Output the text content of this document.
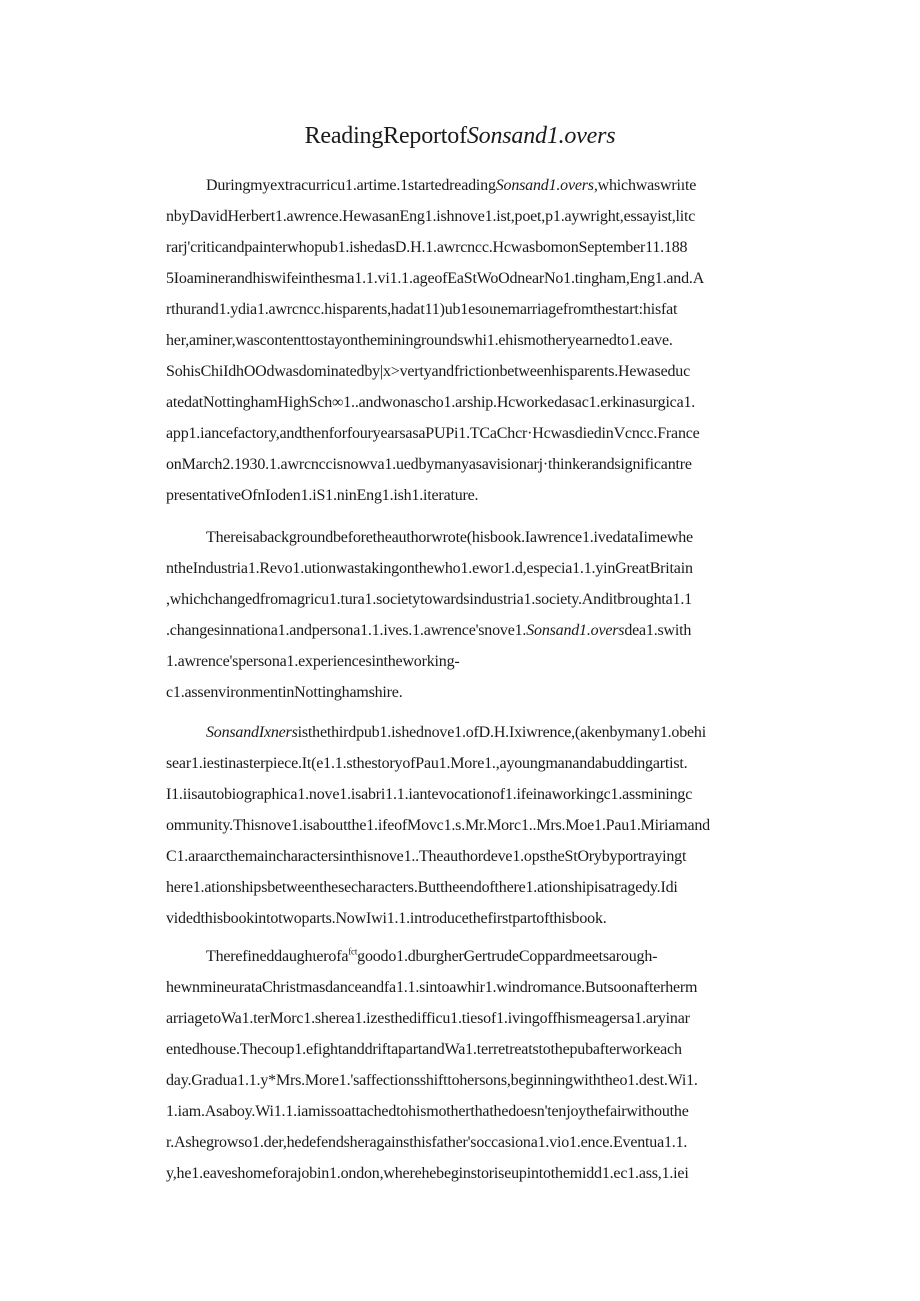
ReadingReportofSonsand1.overs
Duringmyextracurricu1.artime.1startedreadingSonsand1.overs,whichwaswriıte
nbyDavidHerbert1.awrence.HewasanEng1.ishnove1.ist,poet,p1.aywright,essayist,litc
rarj'criticandpainterwhopub1.ishedasD.H.1.awrcncc.HcwasbomonSeptember11.188
5Ioaminerandhiswifeinthesma1.1.vi1.1.ageofEaStWoOdnearNo1.tingham,Eng1.and.A
rthurand1.ydia1.awrcncc.hisparents,hadat11)ub1esoιnemarriagefromthestart:hisfat
her,aminer,wascontenttostayontheminingroundswhi1.ehismotheryearnedto1.eave.
SohisChiIdhOOdwasdominatedby|x>vertyandfrictionbetweenhisparents.Hewaseduc
atedatNottinghamHighSch∞1..andwonascho1.arship.Hcworkedasac1.erkinasurgica1.
app1.iancefactory,andthenforfouryearsasaPUPi1.TCaChcr·HcwasdiedinVcncc.France
onMarch2.1930.1.awrcnccisnowva1.uedbymanyasavisionarj·thinkerandsignificantre
presentativeOfnIoden1.iS1.ninEng1.ish1.iterature.
Thereisabackgroundbeforetheauthorwrote(hisbook.Iawrence1.ivedataIimewhe
ntheIndustria1.Revo1.utionwastakingonthewho1.ewor1.d,especia1.1.yinGreatBritain
,whichchangedfromagricu1.tura1.societytowardsindustria1.society.Anditbroughta1.1
.changesinnationa1.andpersona1.1.ives.1.awrence'snove1.Sonsand1.oversdea1.swith
1.awrence'spersona1.experiencesintheworking-
c1.assenvironmentinNottinghamshire.
SonsandIxnersisthethirdpub1.ishednove1.ofD.H.Ixiwrence,(akenbymany1.obehi
sear1.iestinasterpiece.It(e1.1.sthestoryofPau1.More1.,ayoungmanandabuddingartist.
I1.iisautobiographica1.nove1.isabri1.1.iantevocationof1.ifeinaworkingc1.assminingc
ommunity.Thisnove1.isaboutthe1.ifeofMovc1.s.Mr.Morc1..Mrs.Moe1.Pau1.Miriamand
C1.araarcthemaincharactersinthisnove1..Theauthordeve1.opstheStOrybyportrayingt
here1.ationshipsbetweenthesecharacters.Buttheendofthere1.ationshipisatragedy.Idi
videdthisbookintotwoparts.NowIwi1.1.introducethefirstpartofthisbook.
Therefineddaughιerofa$^{fct}$goodo1.dburgherGertrudeCoppardmeetsarough-
hewnmineurataChristmasdanceandfa1.1.sintoawhir1.windromance.Butsoonafterherm
arriagetoWa1.terMorc1.sherea1.izesthedifficu1.tiesof1.ivingoffhismeagersa1.aryinar
entedhouse.Thecoup1.efightanddriftapartandWa1.terretreatstothepubafterworkeach
day.Gradua1.1.y*Mrs.More1.'saffectionsshifttohersons,beginningwiththeo1.dest.Wi1.
1.iam.Asaboy.Wi1.1.iamissoattachedtohismotherthathedoesn'tenjoythefairwithouthe
r.Ashegrowso1.der,hedefendsheragainsthisfather'soccasiona1.vio1.ence.Eventua1.1.
y,he1.eaveshomeforajobin1.ondon,wherehebeginstoriseupintothemidd1.ec1.ass,1.iei
